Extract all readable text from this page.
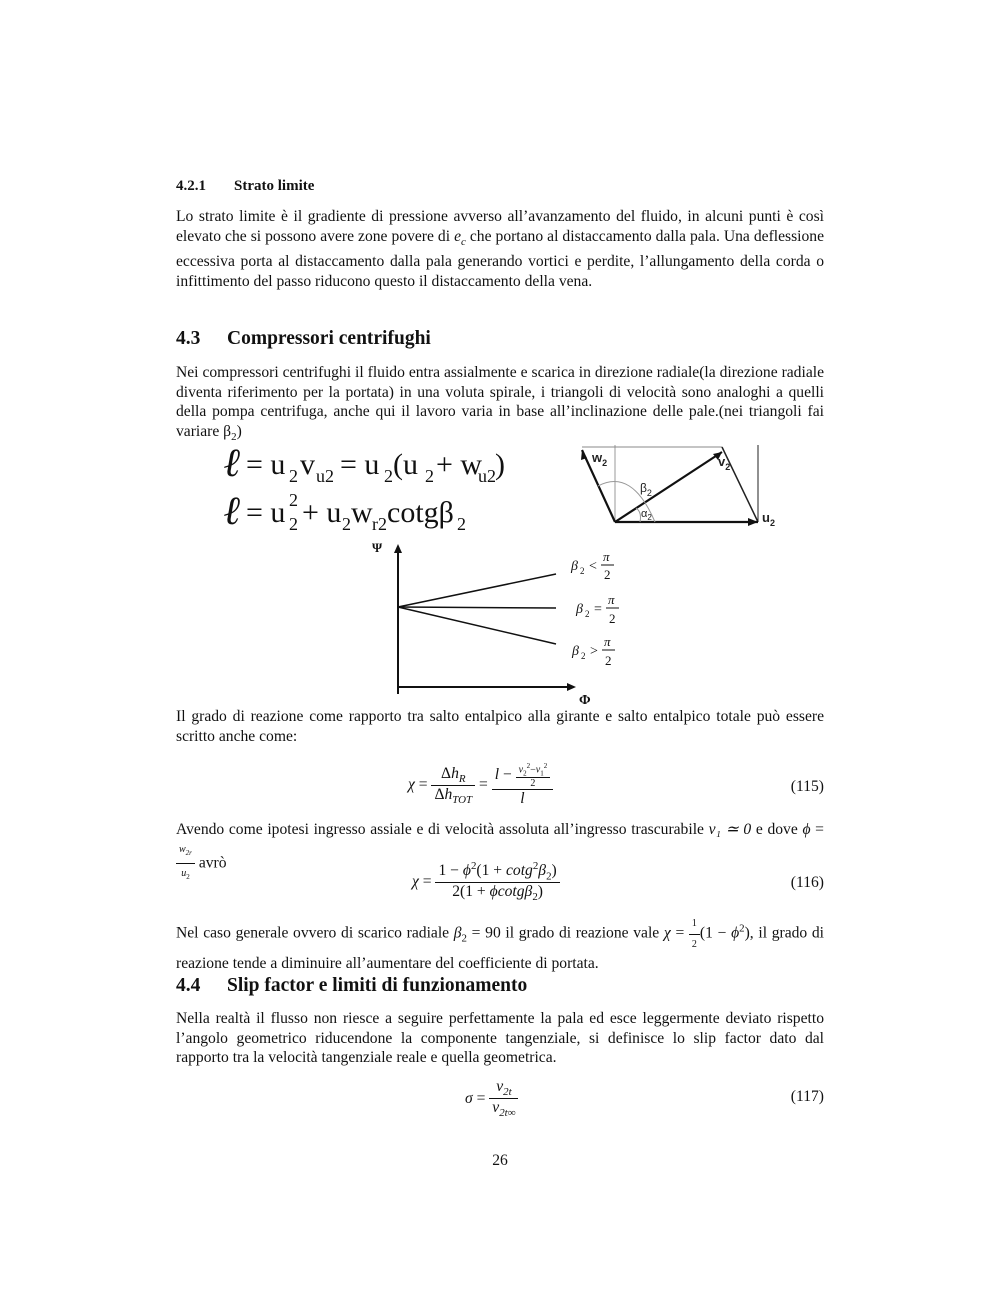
4.2.1 Strato limite
Lo strato limite è il gradiente di pressione avverso all’avanzamento del fluido, in alcuni punti è così elevato che si possono avere zone povere di $e_c$ che portano al distaccamento dalla pala. Una deflessione eccessiva porta al distaccamento dalla pala generando vortici e perdite, l’allungamento della corda o infittimento del passo riducono questo il distaccamento della vena.
4.3 Compressori centrifughi
Nei compressori centrifughi il fluido entra assialmente e scarica in direzione radiale(la direzione radiale diventa riferimento per la portata) in una voluta spirale, i triangoli di velocità sono analoghi a quelli della pompa centrifuga, anche qui il lavoro varia in base all’inclinazione delle pale.(nei triangoli fai variare $\beta_2$)
ℓ = u 2 v u2 = u 2 (u 2 + w
u2 )
ℓ = u 2
2 + u 2 w r2 cotgβ 2
$w_2$	$v_2$
$u_2$
$\beta_2$
$\alpha_2$
Ψ
Φ
β 2 <
π
2
β 2 =
π
2
β 2 >
π
2
Il grado di reazione come rapporto tra salto entalpico alla girante e salto entalpico totale può essere scritto anche come:
$\chi = \frac{\Delta h_R}{\Delta h_{TOT}} = \frac{l - \frac{v_2^2-v_1^2}{2}}{l}$	(115)
Avendo come ipotesi ingresso assiale e di velocità assoluta all’ingresso trascurabile v₁ ≃ 0 e dove ϕ =
$\frac{w_{2r}}{u_2}$ avrò
$\chi = \frac{1 - \phi^2(1 + \cot g^2\beta_2)}{2(1 + \phi\cot g\beta_2)}$	(116)
Nel caso generale ovvero di scarico radiale $\beta_2 = 90$ il grado di reazione vale $\chi = \frac{1}{2} (1 - \phi^2)$, il grado di reazione tende a diminuire all’aumentare del coefficiente di portata.
4.4 Slip factor e limiti di funzionamento
Nella realtà il flusso non riesce a seguire perfettamente la pala ed esce leggermente deviato rispetto l’angolo geometrico riducendone la componente tangenziale, si definisce lo slip factor dato dal rapporto tra la velocità tangenziale reale e quella geometrica.
$\sigma = \frac{v_{2t}}{v_{2t\infty}}$	(117)
26
